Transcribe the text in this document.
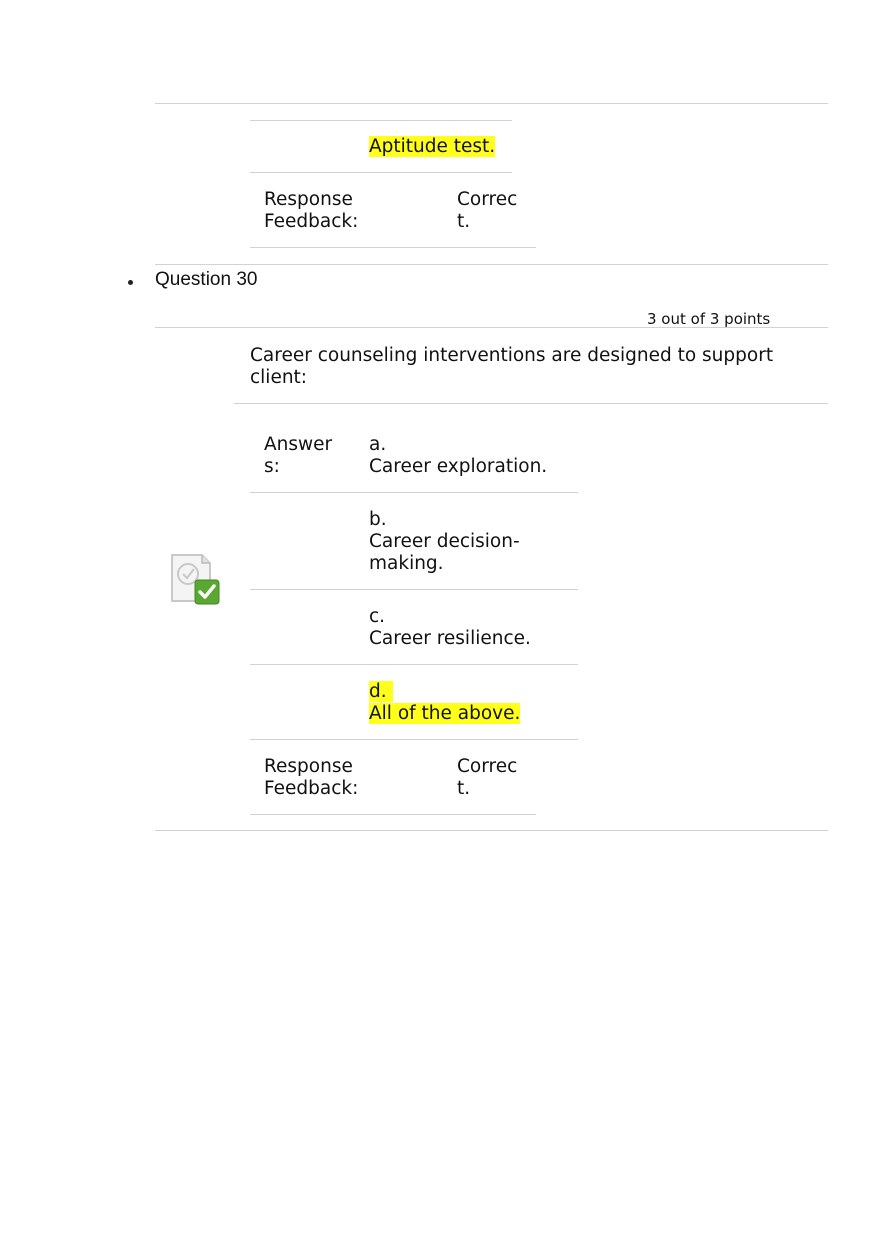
Aptitude test.
Response
Feedback:
Correc
t.
Question 30
3 out of 3 points
Career counseling interventions are designed to support
client:
Answer
s:
a.
Career exploration.
b.
Career decision-
making.
c.
Career resilience.
d.
All of the above.
Response
Feedback:
Correc
t.
